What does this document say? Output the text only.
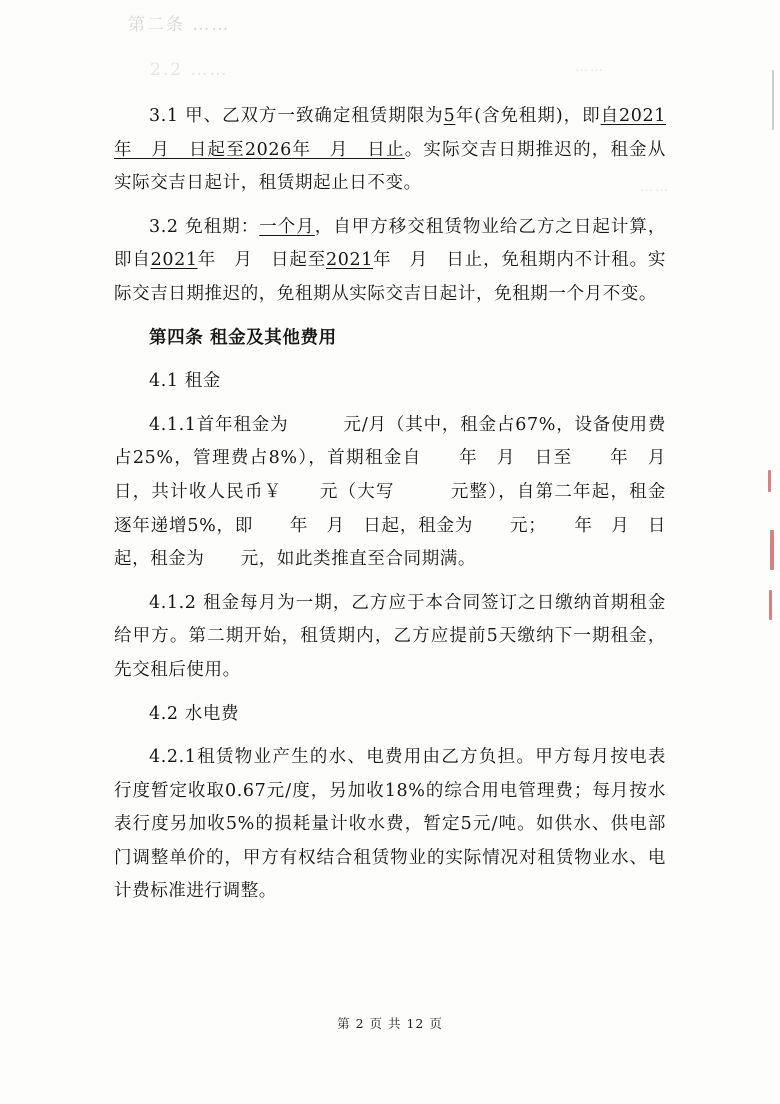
第二条 ……
2.2 ……	……
……

3.1 甲、乙双方一致确定租赁期限为5年(含免租期)，即自2021年　月　日起至2026年　月　日止。实际交吉日期推迟的，租金从实际交吉日起计，租赁期起止日不变。

3.2 免租期：一个月，自甲方移交租赁物业给乙方之日起计算，即自2021年　月　日起至2021年　月　日止，免租期内不计租。实际交吉日期推迟的，免租期从实际交吉日起计，免租期一个月不变。

第四条 租金及其他费用

4.1 租金

4.1.1首年租金为　　　元/月（其中，租金占67%，设备使用费占25%，管理费占8%），首期租金自　　年　月　日至　　年　月　日，共计收人民币￥　　元（大写　　　元整），自第二年起，租金逐年递增5%，即　　年　月　日起，租金为　　元；　　年　月　日起，租金为　　元，如此类推直至合同期满。

4.1.2 租金每月为一期，乙方应于本合同签订之日缴纳首期租金给甲方。第二期开始，租赁期内，乙方应提前5天缴纳下一期租金，先交租后使用。

4.2 水电费

4.2.1租赁物业产生的水、电费用由乙方负担。甲方每月按电表行度暂定收取0.67元/度，另加收18%的综合用电管理费；每月按水表行度另加收5%的损耗量计收水费，暂定5元/吨。如供水、供电部门调整单价的，甲方有权结合租赁物业的实际情况对租赁物业水、电计费标准进行调整。

第 2 页 共 12 页
